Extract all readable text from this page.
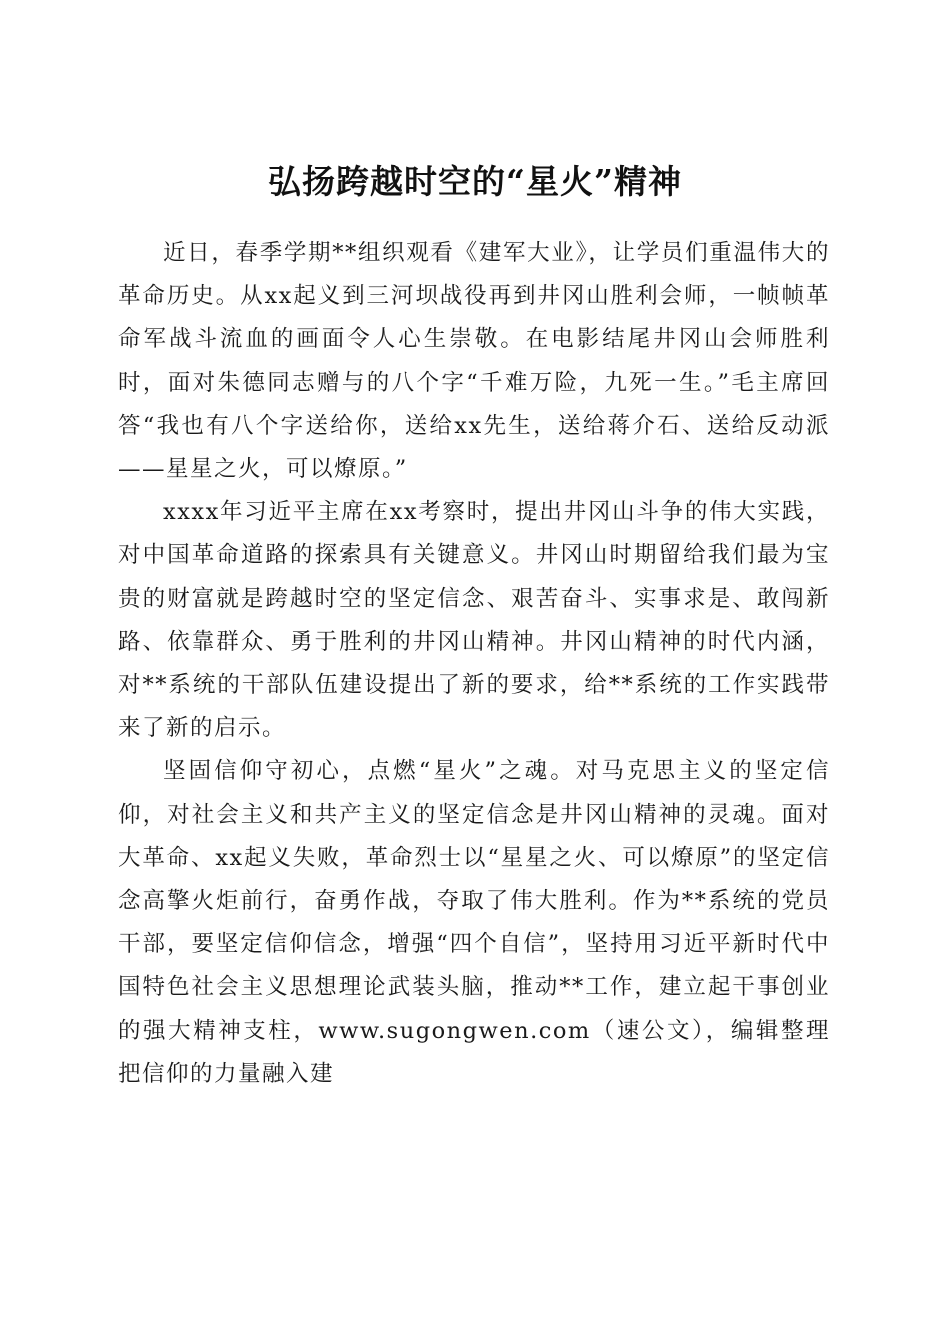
弘扬跨越时空的“星火”精神

近日，春季学期**组织观看《建军大业》，让学员们重温伟大的革命历史。从xx起义到三河坝战役再到井冈山胜利会师，一帧帧革命军战斗流血的画面令人心生崇敬。在电影结尾井冈山会师胜利时，面对朱德同志赠与的八个字“千难万险，九死一生。”毛主席回答“我也有八个字送给你，送给xx先生，送给蒋介石、送给反动派——星星之火，可以燎原。”

xxxx年习近平主席在xx考察时，提出井冈山斗争的伟大实践，对中国革命道路的探索具有关键意义。井冈山时期留给我们最为宝贵的财富就是跨越时空的坚定信念、艰苦奋斗、实事求是、敢闯新路、依靠群众、勇于胜利的井冈山精神。井冈山精神的时代内涵，对**系统的干部队伍建设提出了新的要求，给**系统的工作实践带来了新的启示。

坚固信仰守初心，点燃“星火”之魂。对马克思主义的坚定信仰，对社会主义和共产主义的坚定信念是井冈山精神的灵魂。面对大革命、xx起义失败，革命烈士以“星星之火、可以燎原”的坚定信念高擎火炬前行，奋勇作战，夺取了伟大胜利。作为**系统的党员干部，要坚定信仰信念，增强“四个自信”，坚持用习近平新时代中国特色社会主义思想理论武装头脑，推动**工作，建立起干事创业的强大精神支柱，www.sugongwen.com（速公文），编辑整理把信仰的力量融入建
